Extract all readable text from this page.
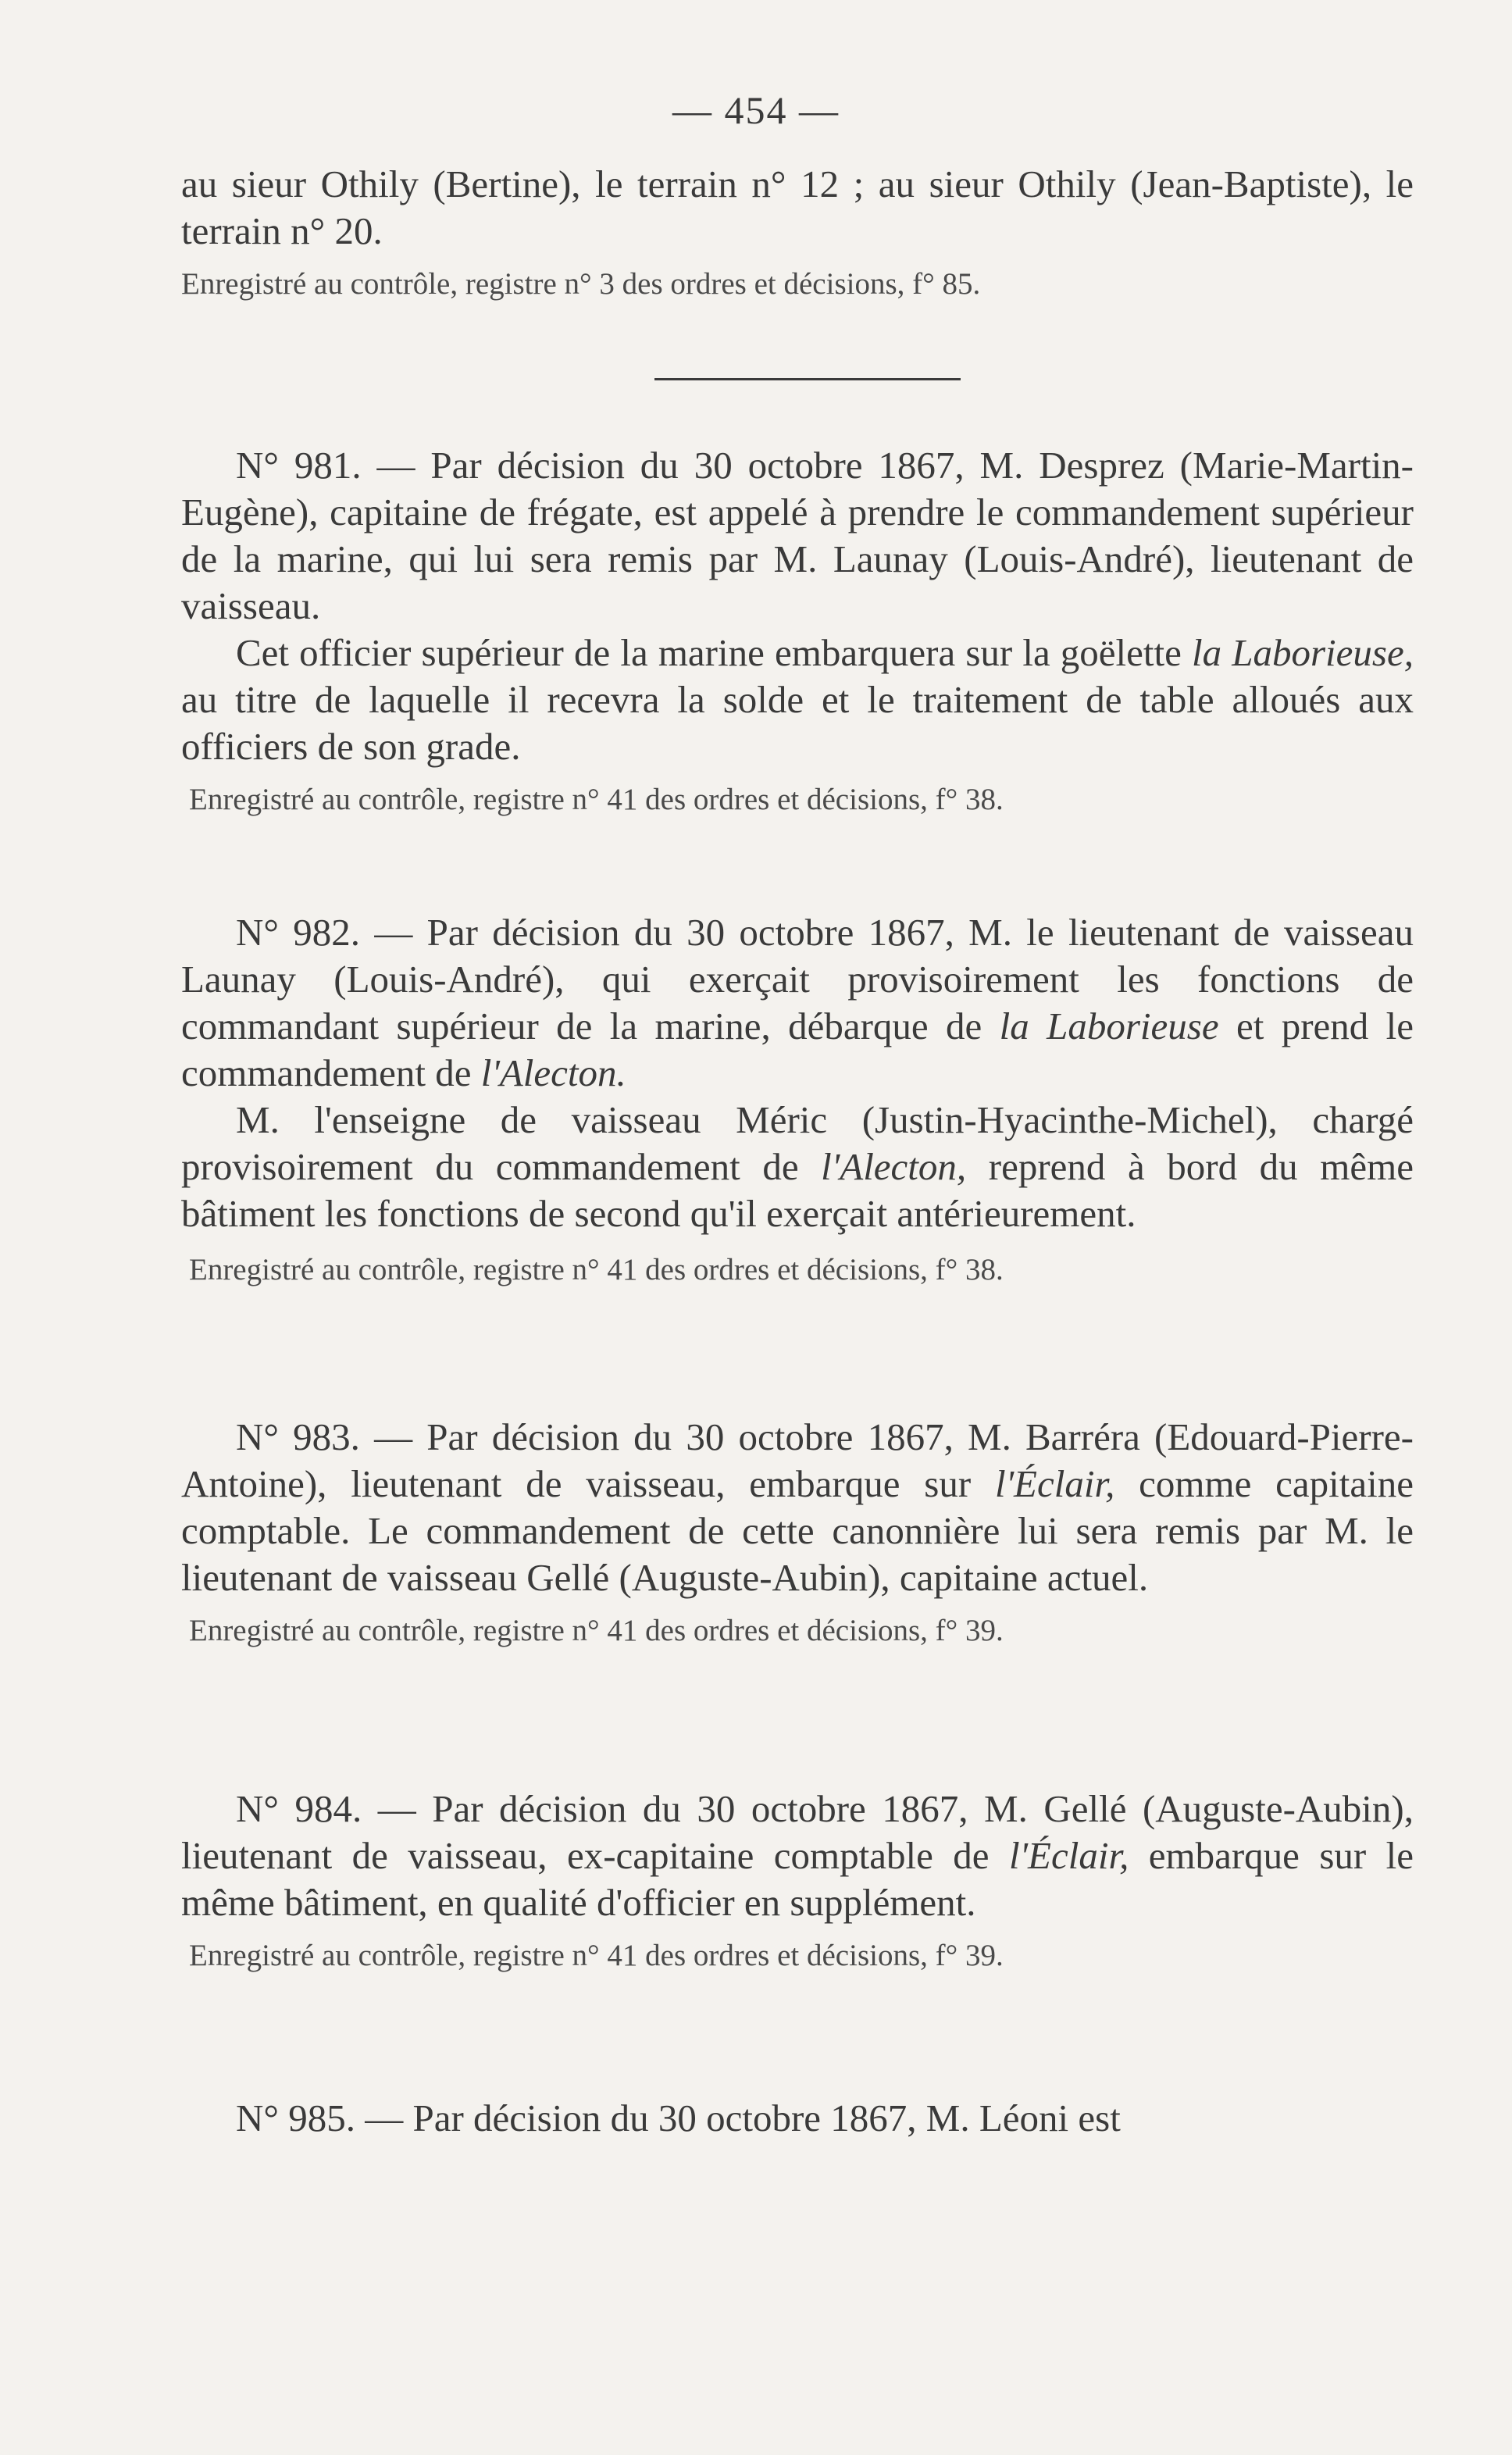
— 454 —

au sieur Othily (Bertine), le terrain n° 12 ; au sieur Othily (Jean-Baptiste), le terrain n° 20.

Enregistré au contrôle, registre n° 3 des ordres et décisions, f° 85.

N° 981. — Par décision du 30 octobre 1867, M. Desprez (Marie-Martin-Eugène), capitaine de frégate, est appelé à prendre le commandement supérieur de la marine, qui lui sera remis par M. Launay (Louis-André), lieutenant de vaisseau.

Cet officier supérieur de la marine embarquera sur la goëlette la Laborieuse, au titre de laquelle il recevra la solde et le traitement de table alloués aux officiers de son grade.

Enregistré au contrôle, registre n° 41 des ordres et décisions, f° 38.

N° 982. — Par décision du 30 octobre 1867, M. le lieutenant de vaisseau Launay (Louis-André), qui exerçait provisoirement les fonctions de commandant supérieur de la marine, débarque de la Laborieuse et prend le commandement de l'Alecton.

M. l'enseigne de vaisseau Méric (Justin-Hyacinthe-Michel), chargé provisoirement du commandement de l'Alecton, reprend à bord du même bâtiment les fonctions de second qu'il exerçait antérieurement.

Enregistré au contrôle, registre n° 41 des ordres et décisions, f° 38.

N° 983. — Par décision du 30 octobre 1867, M. Barréra (Edouard-Pierre-Antoine), lieutenant de vaisseau, embarque sur l'Éclair, comme capitaine comptable. Le commandement de cette canonnière lui sera remis par M. le lieutenant de vaisseau Gellé (Auguste-Aubin), capitaine actuel.

Enregistré au contrôle, registre n° 41 des ordres et décisions, f° 39.

N° 984. — Par décision du 30 octobre 1867, M. Gellé (Auguste-Aubin), lieutenant de vaisseau, ex-capitaine comptable de l'Éclair, embarque sur le même bâtiment, en qualité d'officier en supplément.

Enregistré au contrôle, registre n° 41 des ordres et décisions, f° 39.

N° 985. — Par décision du 30 octobre 1867, M. Léoni est
